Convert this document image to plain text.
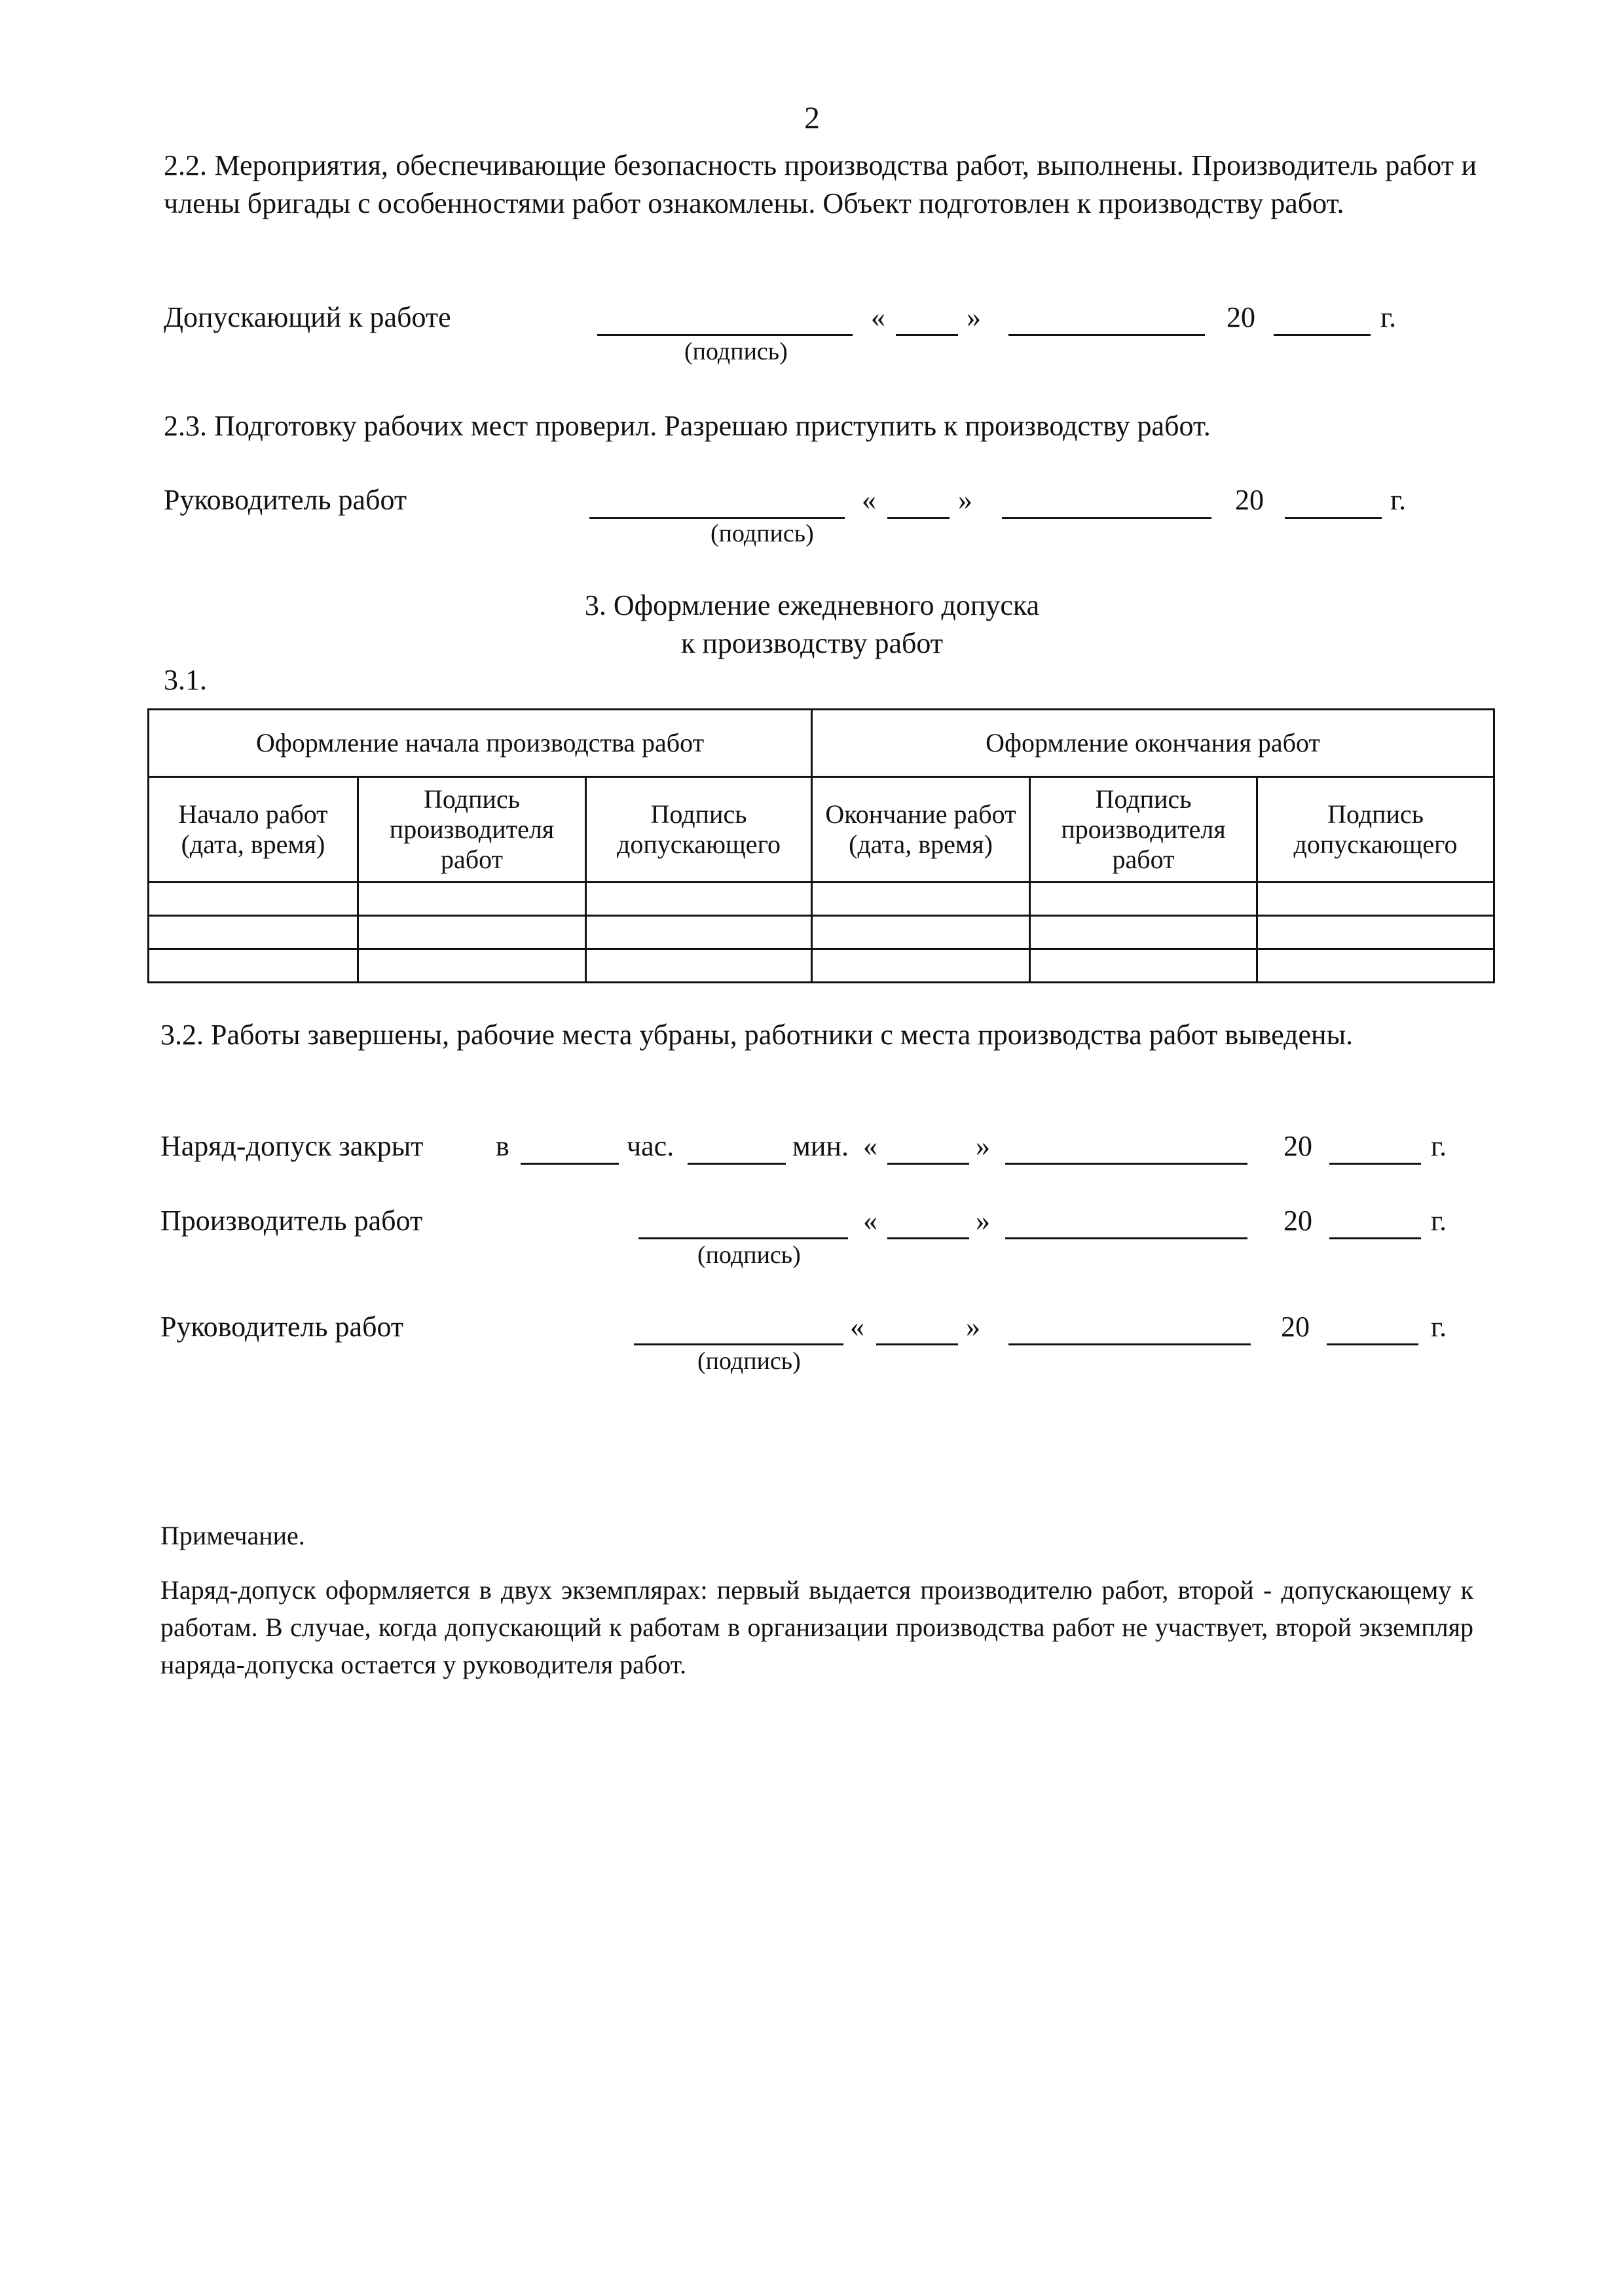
2
2.2. Мероприятия, обеспечивающие безопасность производства работ, выполнены. Производитель работ и члены бригады с особенностями работ ознакомлены. Объект подготовлен к производству работ.
Допускающий к работе	«	»	20	г.
(подпись)
2.3. Подготовку рабочих мест проверил. Разрешаю приступить к производству работ.
Руководитель работ	«	»	20	г.
(подпись)
3. Оформление ежедневного допуска
к производству работ
3.1.
Оформление начала производства работ			Оформление окончания работ		
Начало работ (дата, время)	Подпись производителя работ	Подпись допускающего	Окончание работ (дата, время)	Подпись производителя работ	Подпись допускающего

3.2. Работы завершены, рабочие места убраны, работники с места производства работ выведены.
Наряд-допуск закрыт	в	час.	мин. «	»	20	г.
Производитель работ	«	»	20	г.
(подпись)
Руководитель работ	«	»	20	г.
(подпись)
Примечание.
Наряд-допуск оформляется в двух экземплярах: первый выдается производителю работ, второй - допускающему к работам. В случае, когда допускающий к работам в организации производства работ не участвует, второй экземпляр наряда-допуска остается у руководителя работ.
